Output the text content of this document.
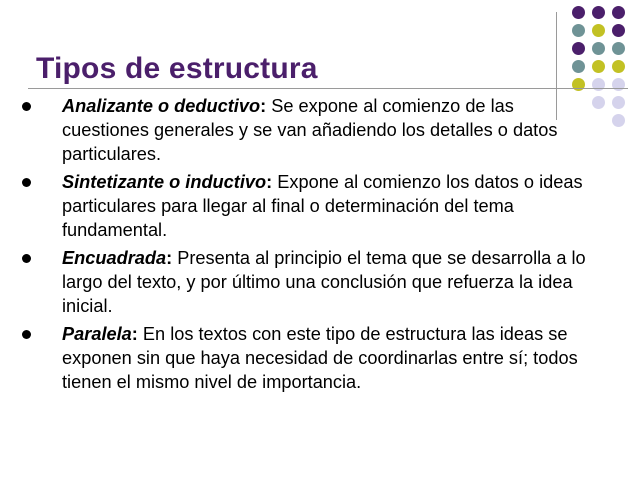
Tipos de estructura
Analizante o deductivo: Se expone al comienzo de las cuestiones generales y se van añadiendo los detalles o datos particulares.
Sintetizante o inductivo: Expone al comienzo los datos o ideas particulares para llegar al final o determinación del tema fundamental.
Encuadrada: Presenta al principio el tema que se desarrolla a lo largo del texto, y por último una conclusión que refuerza la idea inicial.
Paralela: En los textos con este tipo de estructura las ideas se exponen sin que haya necesidad de coordinarlas entre sí; todos tienen el mismo nivel de importancia.
